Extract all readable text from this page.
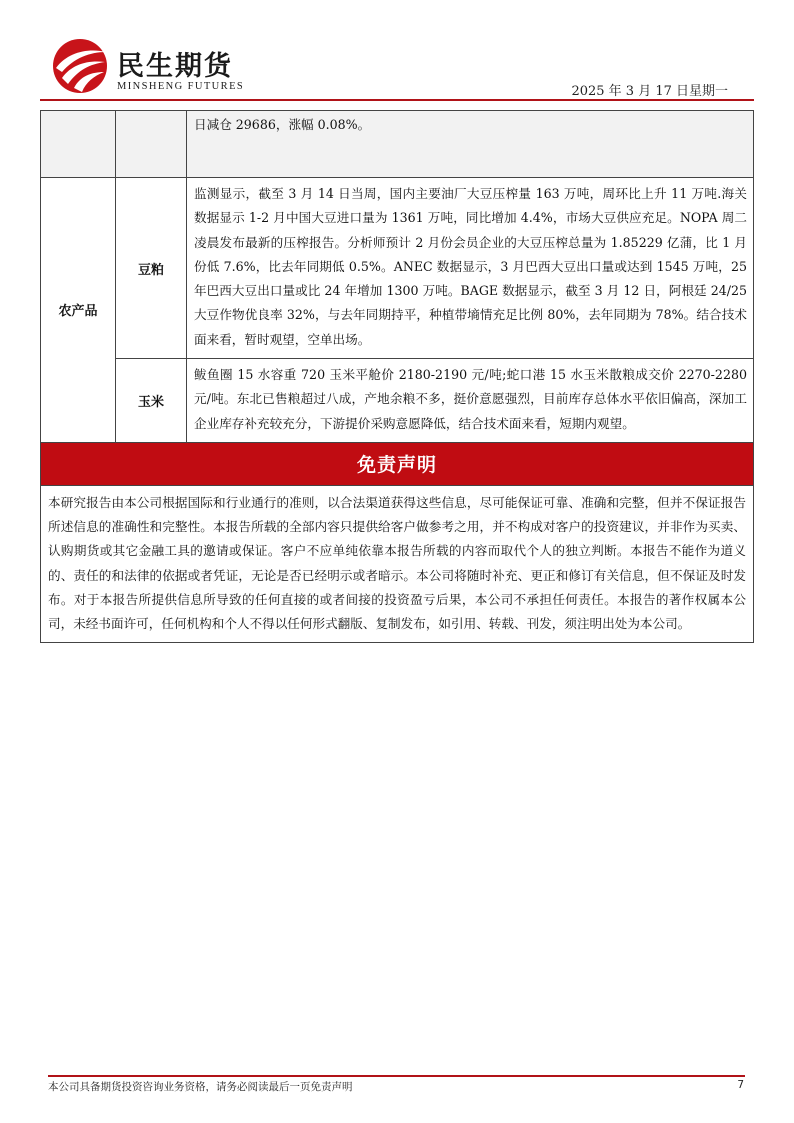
民生期货
MINSHENG FUTURES	2025 年 3 月 17 日星期一
		日减仓 29686，涨幅 0.08%。
农产品	豆粕	监测显示，截至 3 月 14 日当周，国内主要油厂大豆压榨量 163 万吨，周环比上升 11 万吨.海关数据显示 1-2 月中国大豆进口量为 1361 万吨，同比增加 4.4%，市场大豆供应充足。NOPA 周二凌晨发布最新的压榨报告。分析师预计 2 月份会员企业的大豆压榨总量为 1.85229 亿蒲，比 1 月份低 7.6%，比去年同期低 0.5%。ANEC 数据显示，3 月巴西大豆出口量或达到 1545 万吨，25 年巴西大豆出口量或比 24 年增加 1300 万吨。BAGE 数据显示，截至 3 月 12 日，阿根廷 24/25 大豆作物优良率 32%，与去年同期持平，种植带墒情充足比例 80%，去年同期为 78%。结合技术面来看，暂时观望，空单出场。
	玉米	鲅鱼圈 15 水容重 720 玉米平舱价 2180-2190 元/吨;蛇口港 15 水玉米散粮成交价 2270-2280 元/吨。东北已售粮超过八成，产地余粮不多，挺价意愿强烈，目前库存总体水平依旧偏高，深加工企业库存补充较充分，下游提价采购意愿降低，结合技术面来看，短期内观望。
免责声明		
本研究报告由本公司根据国际和行业通行的准则，以合法渠道获得这些信息，尽可能保证可靠、准确和完整，但并不保证报告所述信息的准确性和完整性。本报告所载的全部内容只提供给客户做参考之用，并不构成对客户的投资建议，并非作为买卖、认购期货或其它金融工具的邀请或保证。客户不应单纯依靠本报告所载的内容而取代个人的独立判断。本报告不能作为道义的、责任的和法律的依据或者凭证，无论是否已经明示或者暗示。本公司将随时补充、更正和修订有关信息，但不保证及时发布。对于本报告所提供信息所导致的任何直接的或者间接的投资盈亏后果，本公司不承担任何责任。本报告的著作权属本公司，未经书面许可，任何机构和个人不得以任何形式翻版、复制发布，如引用、转载、刊发，须注明出处为本公司。		
本公司具备期货投资咨询业务资格，请务必阅读最后一页免责声明	7
